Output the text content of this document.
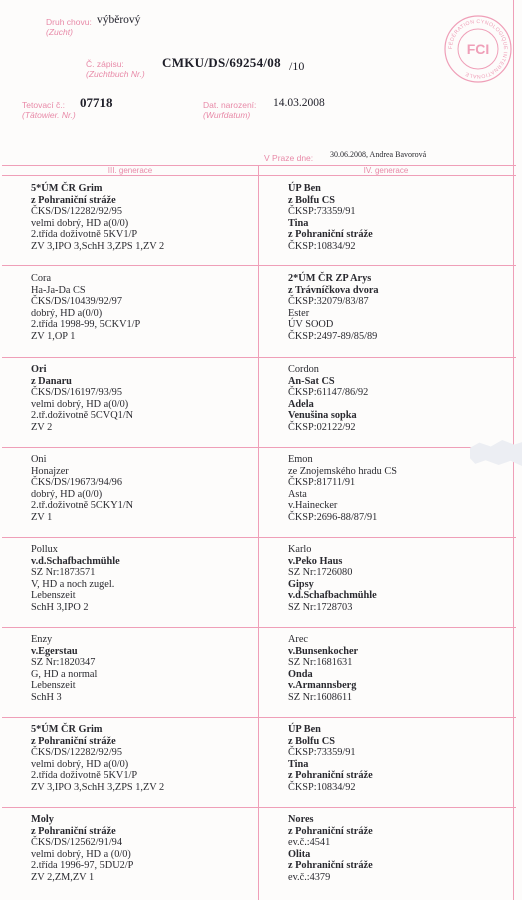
Druh chovu:
(Zucht)
výběrový
Č. zápisu:
(Zuchtbuch Nr.)
CMKU/DS/69254/08 /10
Tetovací č.:
(Tätowier. Nr.)
07718	Dat. narození:
(Wurfdatum)
14.03.2008
V Praze dne: 30.06.2008, Andrea Bavorová
FÉDÉRATION CYNOLOGIQUE INTERNATIONALE
FCI
III. generace	IV. generace
5*ÚM ČR Grim
z Pohraniční stráže
ČKS/DS/12282/92/95
velmi dobrý, HD a(0/0)
2.třída doživotně 5KV1/P
ZV 3,IPO 3,SchH 3,ZPS 1,ZV 2
ÚP Ben
z Bolfu CS
ČKSP:73359/91
Tina
z Pohraniční stráže
ČKSP:10834/92
Cora
Ha-Ja-Da CS
ČKS/DS/10439/92/97
dobrý, HD a(0/0)
2.třída 1998-99, 5CKV1/P
ZV 1,OP 1
2*ÚM ČR ZP Arys
z Trávníčkova dvora
ČKSP:32079/83/87
Ester
ÚV SOOD
ČKSP:2497-89/85/89
Ori
z Danaru
ČKS/DS/16197/93/95
velmi dobrý, HD a(0/0)
2.tř.doživotně 5CVQ1/N
ZV 2
Cordon
An-Sat CS
ČKSP:61147/86/92
Adela
Venušina sopka
ČKSP:02122/92
Oni
Honajzer
ČKS/DS/19673/94/96
dobrý, HD a(0/0)
2.tř.doživotně 5CKY1/N
ZV 1
Emon
ze Znojemského hradu CS
ČKSP:81711/91
Asta
v.Hainecker
ČKSP:2696-88/87/91
Pollux
v.d.Schafbachmühle
SZ Nr:1873571
V, HD a noch zugel.
Lebenszeit
SchH 3,IPO 2
Karlo
v.Peko Haus
SZ Nr:1726080
Gipsy
v.d.Schafbachmühle
SZ Nr:1728703
Enzy
v.Egerstau
SZ Nr:1820347
G, HD a normal
Lebenszeit
SchH 3
Arec
v.Bunsenkocher
SZ Nr:1681631
Onda
v.Armannsberg
SZ Nr:1608611
5*ÚM ČR Grim
z Pohraniční stráže
ČKS/DS/12282/92/95
velmi dobrý, HD a(0/0)
2.třída doživotně 5KV1/P
ZV 3,IPO 3,SchH 3,ZPS 1,ZV 2
ÚP Ben
z Bolfu CS
ČKSP:73359/91
Tina
z Pohraniční stráže
ČKSP:10834/92
Moly
z Pohraniční stráže
ČKS/DS/12562/91/94
velmi dobrý, HD a (0/0)
2.třída 1996-97, 5DU2/P
ZV 2,ZM,ZV 1
Nores
z Pohraniční stráže
ev.č.:4541
Olita
z Pohraniční stráže
ev.č.:4379
